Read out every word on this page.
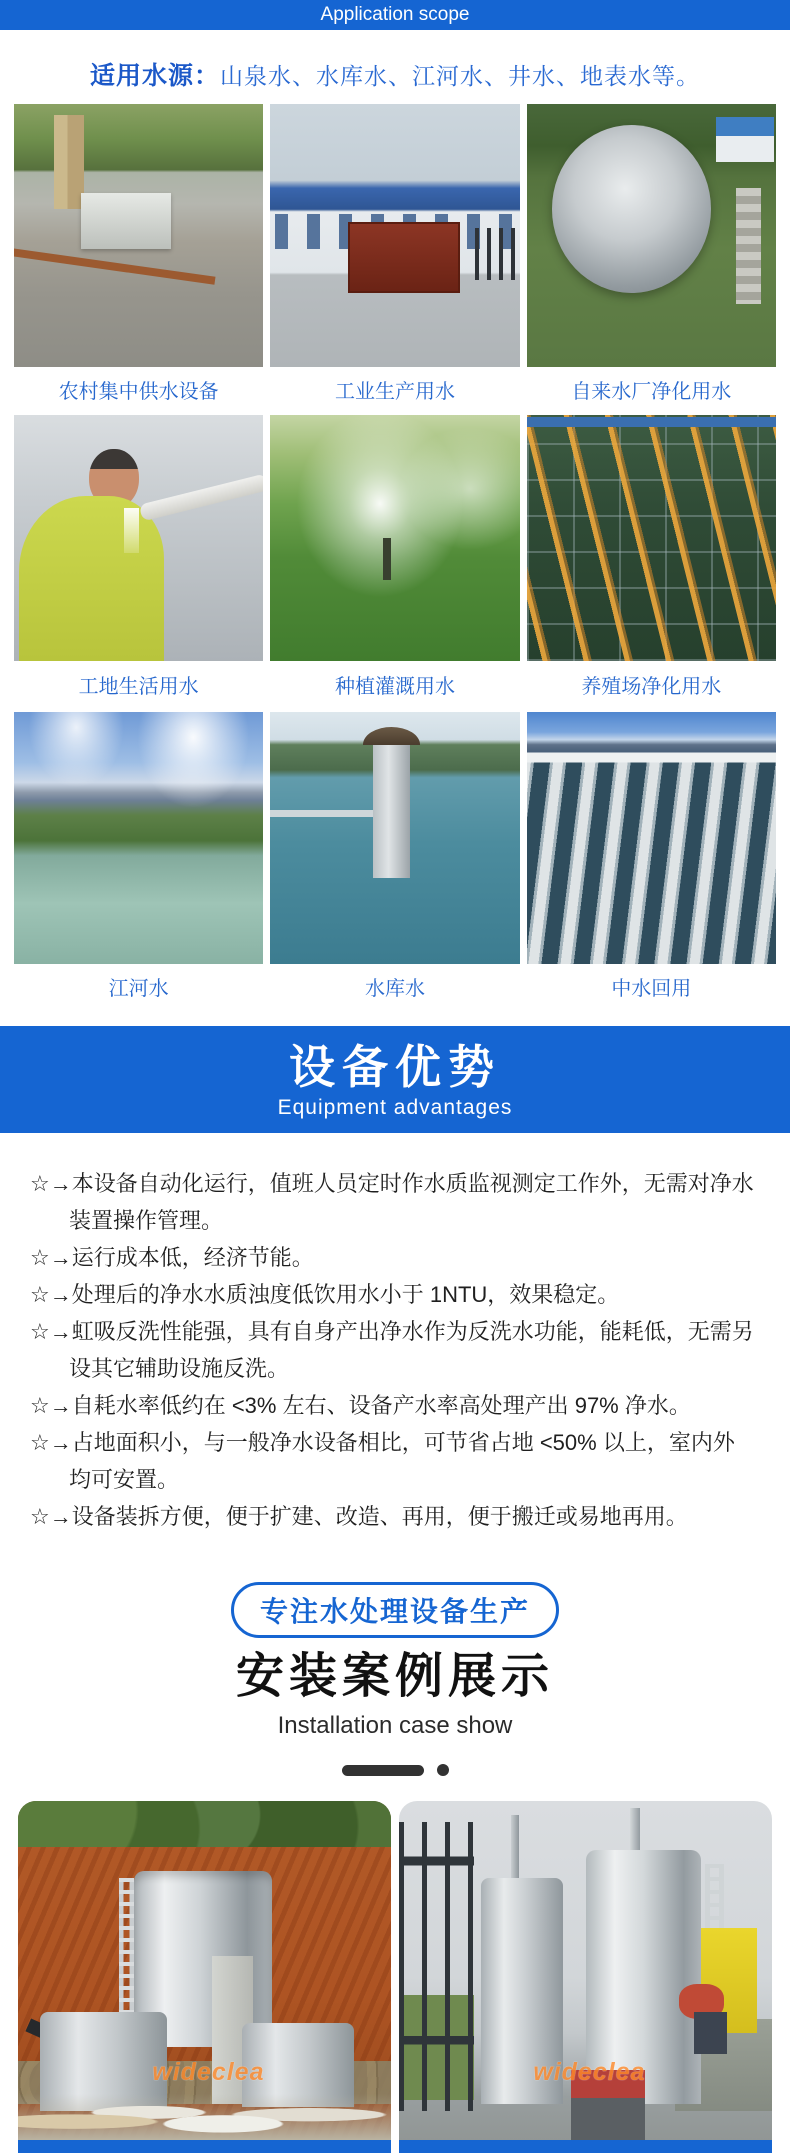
Application scope

适用水源：山泉水、水库水、江河水、井水、地表水等。

农村集中供水设备	工业生产用水	自来水厂净化用水
工地生活用水	种植灌溉用水	养殖场净化用水
江河水	水库水	中水回用
设备优势
Equipment advantages
☆→本设备自动化运行，值班人员定时作水质监视测定工作外，无需对净水装置操作管理。
☆→运行成本低，经济节能。
☆→处理后的净水水质浊度低饮用水小于 1NTU，效果稳定。
☆→虹吸反洗性能强，具有自身产出净水作为反洗水功能，能耗低，无需另设其它辅助设施反洗。
☆→自耗水率低约在 <3% 左右、设备产水率高处理产出 97% 净水。
☆→占地面积小，与一般净水设备相比，可节省占地 <50% 以上，室内外均可安置。
☆→设备装拆方便，便于扩建、改造、再用，便于搬迁或易地再用。
专注水处理设备生产
安装案例展示
Installation case show
wideclea	wideclea
